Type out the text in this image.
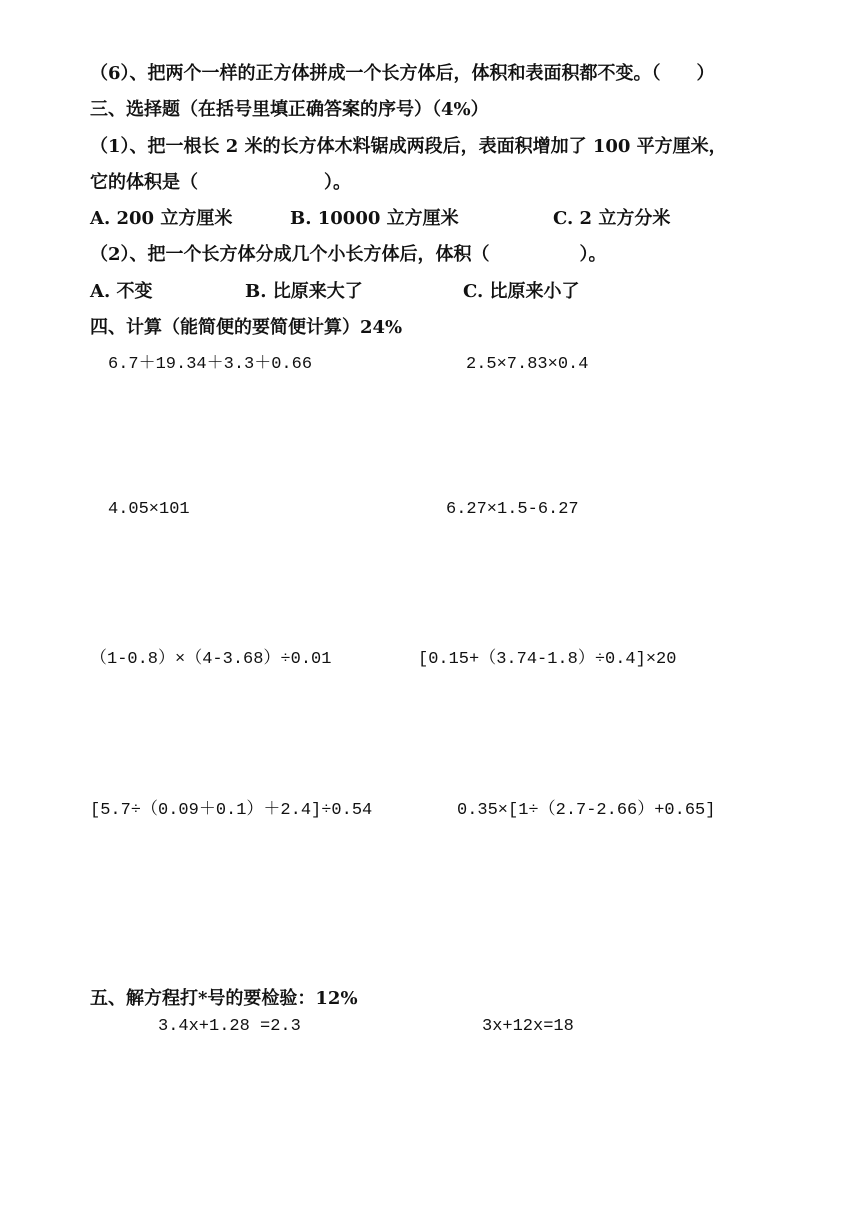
（6）、把两个一样的正方体拼成一个长方体后，体积和表面积都不变。（　　）
三、选择题（在括号里填正确答案的序号）（4%）
（1）、把一根长 2 米的长方体木料锯成两段后，表面积增加了 100 平方厘米，
它的体积是（　　　　　　　）。
A. 200 立方厘米	B. 10000 立方厘米	C. 2 立方分米
（2）、把一个长方体分成几个小长方体后，体积（　　　　　）。
A. 不变	B. 比原来大了	C. 比原来小了
四、计算（能简便的要简便计算）24%
6.7＋19.34＋3.3＋0.66	2.5×7.83×0.4
4.05×101	6.27×1.5-6.27
（1-0.8）×（4-3.68）÷0.01	[0.15+（3.74-1.8）÷0.4]×20
[5.7÷（0.09＋0.1）＋2.4]÷0.54	0.35×[1÷（2.7-2.66）+0.65]
五、解方程打*号的要检验：12%
3.4x+1.28 =2.3	3x+12x=18
